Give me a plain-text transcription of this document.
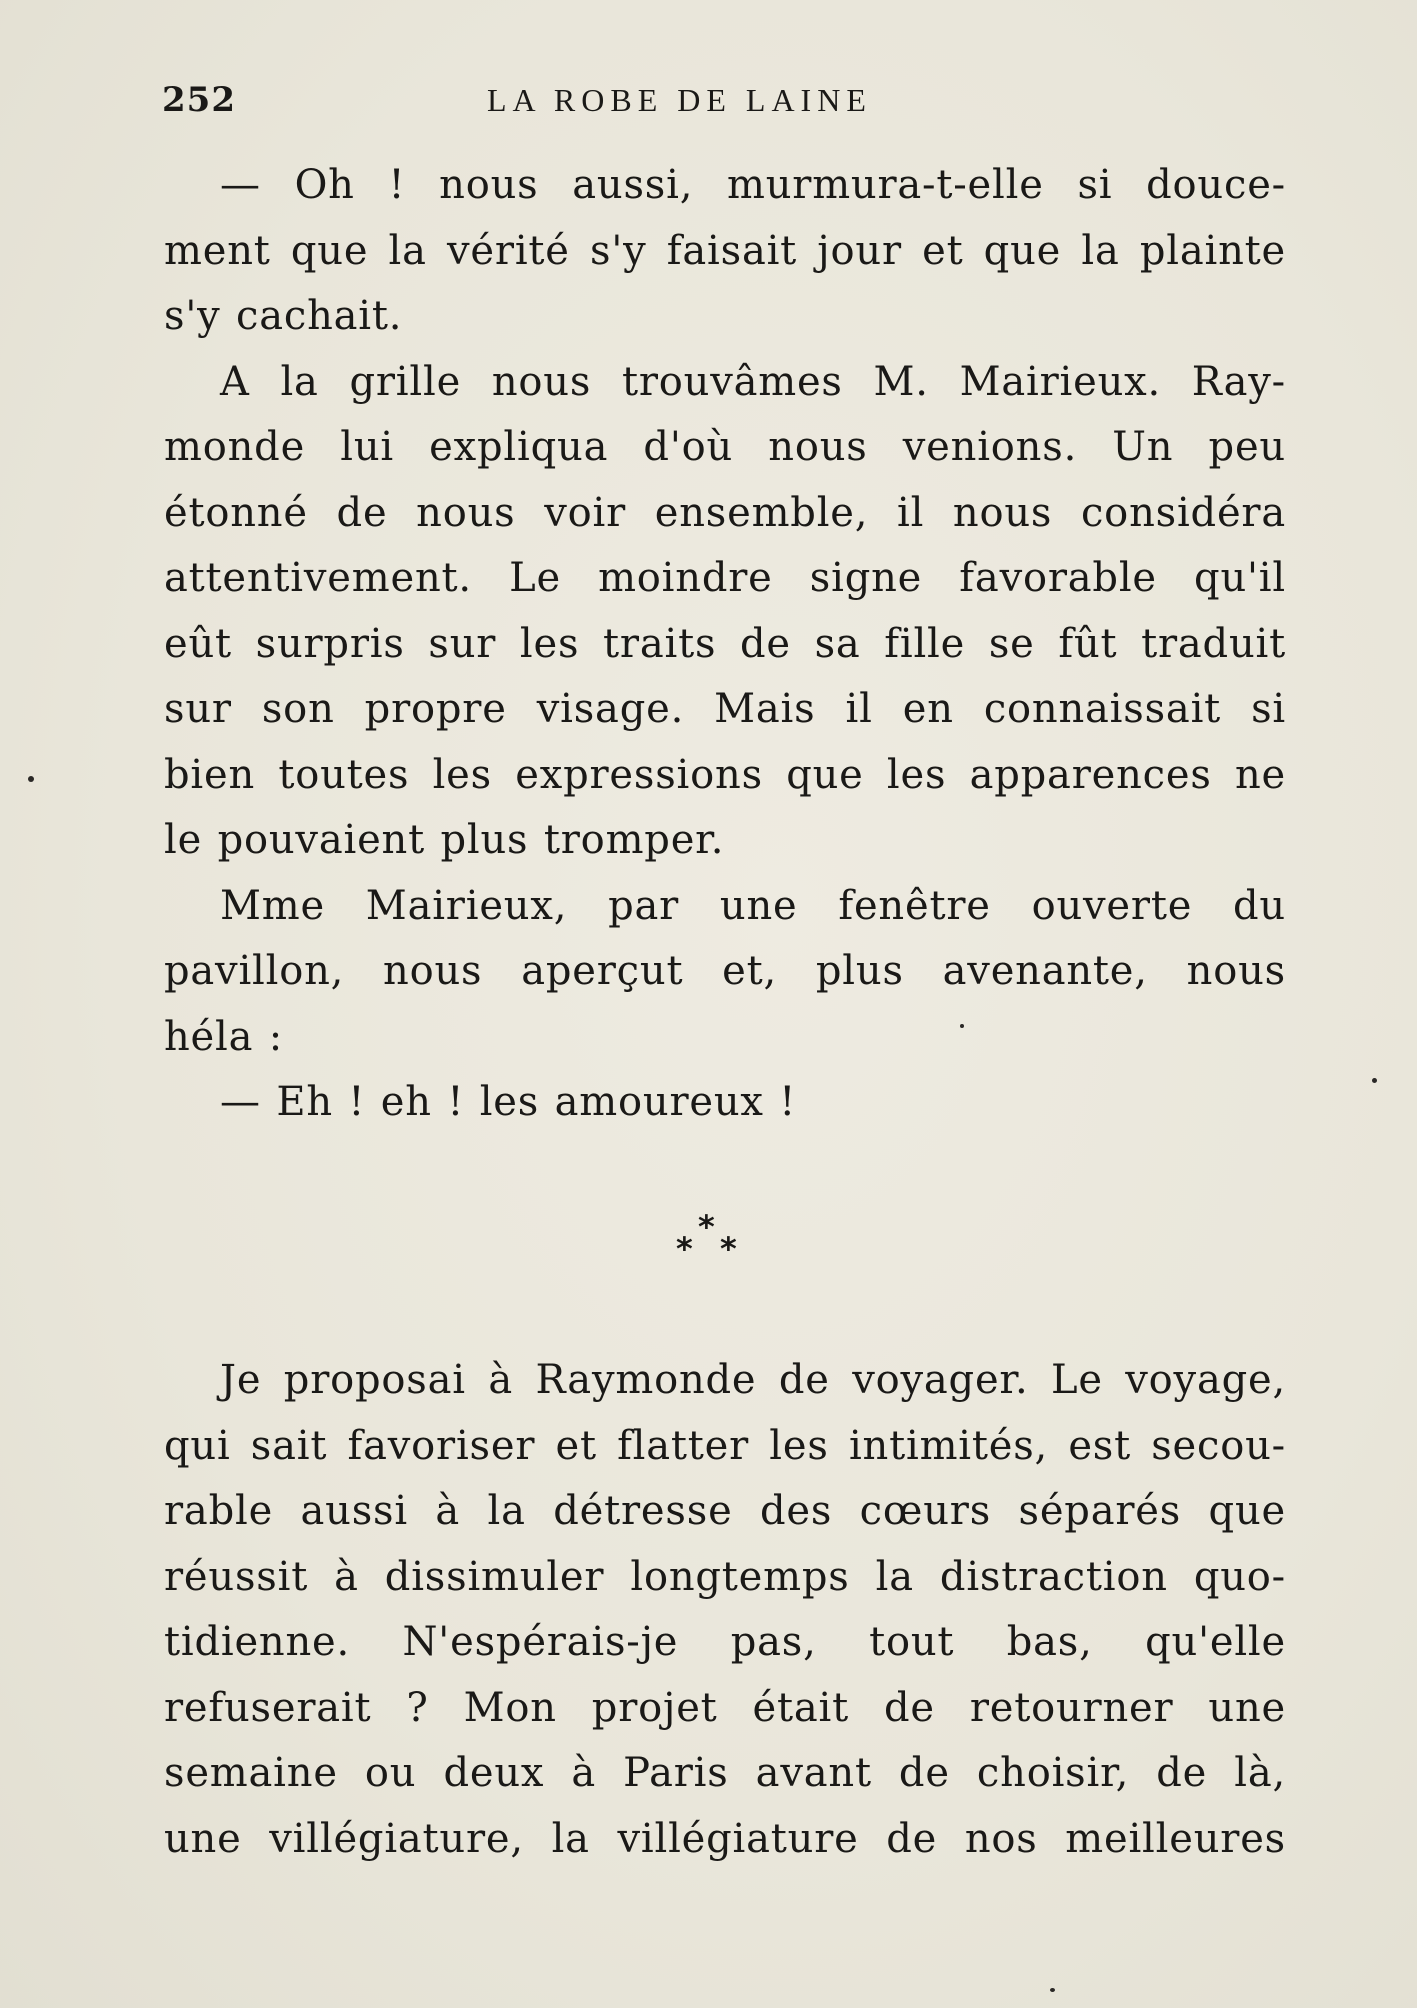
252	LA ROBE DE LAINE
— Oh ! nous aussi, murmura-t-elle si douce-
ment que la vérité s'y faisait jour et que la plainte
s'y cachait.
A la grille nous trouvâmes M. Mairieux. Ray-
monde lui expliqua d'où nous venions. Un peu
étonné de nous voir ensemble, il nous considéra
attentivement. Le moindre signe favorable qu'il
eût surpris sur les traits de sa fille se fût traduit
sur son propre visage. Mais il en connaissait si
bien toutes les expressions que les apparences ne
le pouvaient plus tromper.
Mme Mairieux, par une fenêtre ouverte du
pavillon, nous aperçut et, plus avenante, nous
héla :
— Eh ! eh ! les amoureux !
*
* *
Je proposai à Raymonde de voyager. Le voyage,
qui sait favoriser et flatter les intimités, est secou-
rable aussi à la détresse des cœurs séparés que
réussit à dissimuler longtemps la distraction quo-
tidienne. N'espérais-je pas, tout bas, qu'elle
refuserait ? Mon projet était de retourner une
semaine ou deux à Paris avant de choisir, de là,
une villégiature, la villégiature de nos meilleures
